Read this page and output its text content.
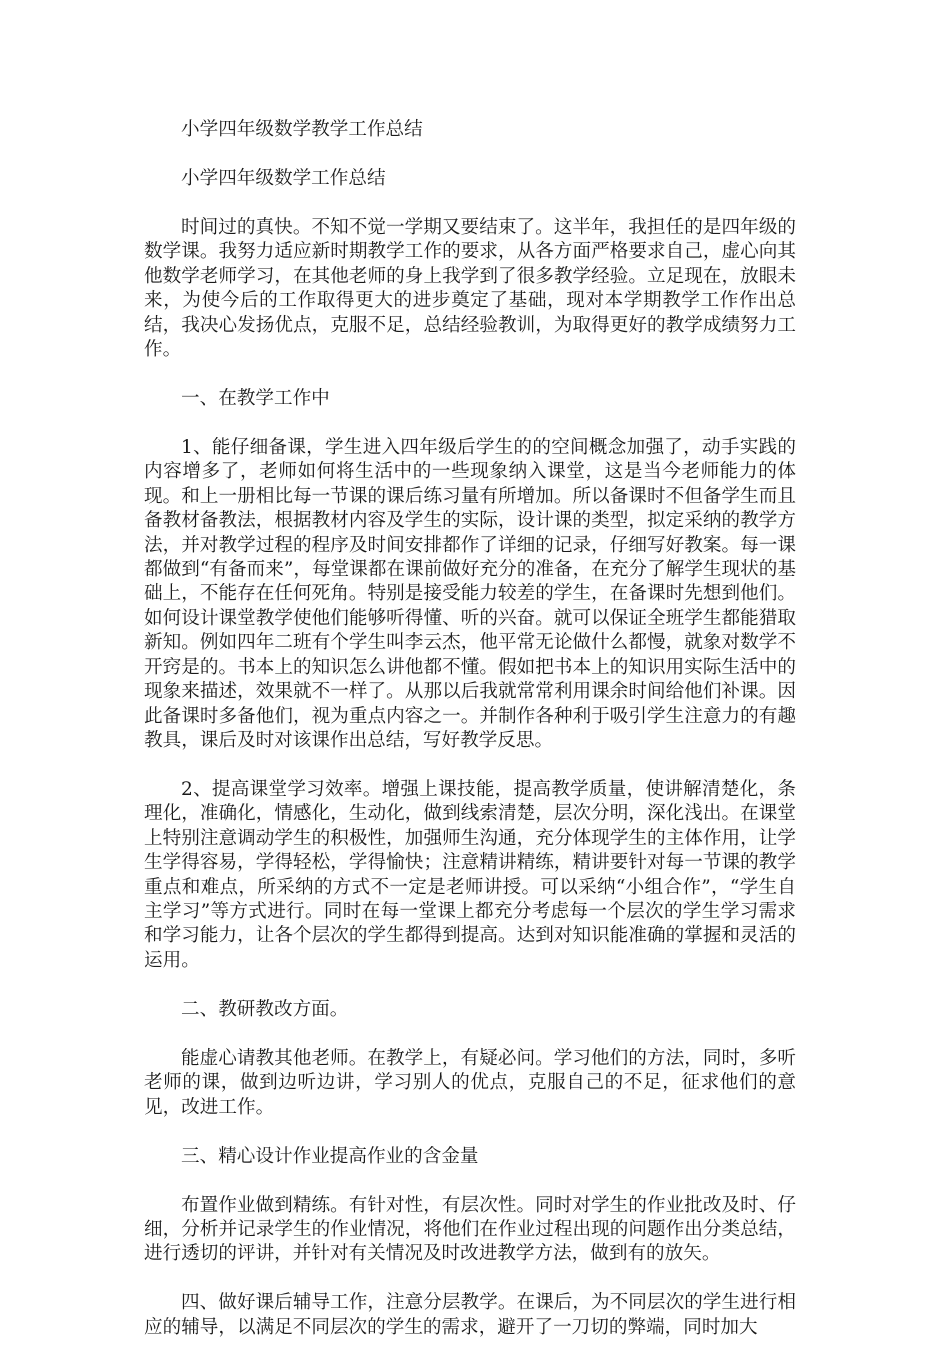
小学四年级数学教学工作总结

小学四年级数学工作总结

时间过的真快。不知不觉一学期又要结束了。这半年，我担任的是四年级的数学课。我努力适应新时期教学工作的要求，从各方面严格要求自己，虚心向其他数学老师学习，在其他老师的身上我学到了很多教学经验。立足现在，放眼未来，为使今后的工作取得更大的进步奠定了基础，现对本学期教学工作作出总结，我决心发扬优点，克服不足，总结经验教训，为取得更好的教学成绩努力工作。

一、在教学工作中

1、能仔细备课，学生进入四年级后学生的的空间概念加强了，动手实践的内容增多了，老师如何将生活中的一些现象纳入课堂，这是当今老师能力的体现。和上一册相比每一节课的课后练习量有所增加。所以备课时不但备学生而且备教材备教法，根据教材内容及学生的实际，设计课的类型，拟定采纳的教学方法，并对教学过程的程序及时间安排都作了详细的记录，仔细写好教案。每一课都做到“有备而来”，每堂课都在课前做好充分的准备，在充分了解学生现状的基础上，不能存在任何死角。特别是接受能力较差的学生，在备课时先想到他们。如何设计课堂教学使他们能够听得懂、听的兴奋。就可以保证全班学生都能猎取新知。例如四年二班有个学生叫李云杰，他平常无论做什么都慢，就象对数学不开窍是的。书本上的知识怎么讲他都不懂。假如把书本上的知识用实际生活中的现象来描述，效果就不一样了。从那以后我就常常利用课余时间给他们补课。因此备课时多备他们，视为重点内容之一。并制作各种利于吸引学生注意力的有趣教具，课后及时对该课作出总结，写好教学反思。

2、提高课堂学习效率。增强上课技能，提高教学质量，使讲解清楚化，条理化，准确化，情感化，生动化，做到线索清楚，层次分明，深化浅出。在课堂上特别注意调动学生的积极性，加强师生沟通，充分体现学生的主体作用，让学生学得容易，学得轻松，学得愉快；注意精讲精练，精讲要针对每一节课的教学重点和难点，所采纳的方式不一定是老师讲授。可以采纳“小组合作”，“学生自主学习”等方式进行。同时在每一堂课上都充分考虑每一个层次的学生学习需求和学习能力，让各个层次的学生都得到提高。达到对知识能准确的掌握和灵活的运用。

二、教研教改方面。

能虚心请教其他老师。在教学上，有疑必问。学习他们的方法，同时，多听老师的课，做到边听边讲，学习别人的优点，克服自己的不足，征求他们的意见，改进工作。

三、精心设计作业提高作业的含金量

布置作业做到精练。有针对性，有层次性。同时对学生的作业批改及时、仔细，分析并记录学生的作业情况，将他们在作业过程出现的问题作出分类总结，进行透切的评讲，并针对有关情况及时改进教学方法，做到有的放矢。

四、做好课后辅导工作，注意分层教学。在课后，为不同层次的学生进行相应的辅导，以满足不同层次的学生的需求，避开了一刀切的弊端，同时加大
